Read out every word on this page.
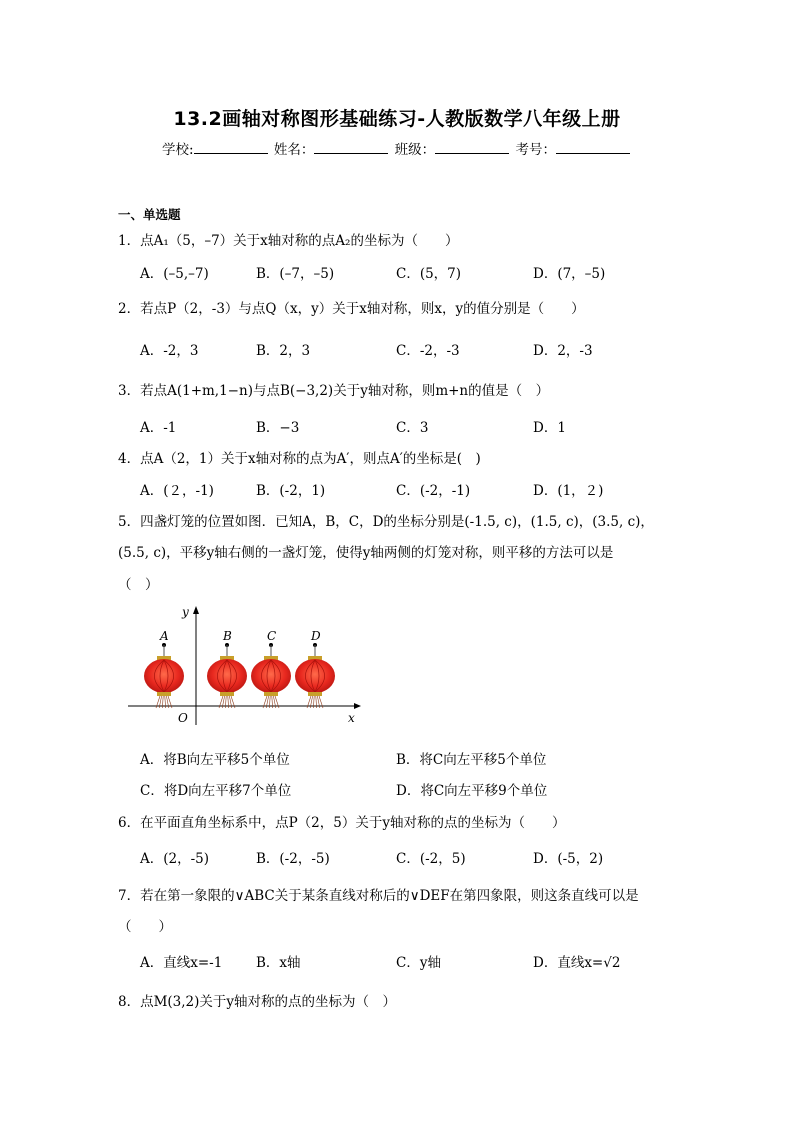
13.2画轴对称图形基础练习-人教版数学八年级上册
学校:	姓名：	班级：	考号：
一、单选题
1．点A₁（5，–7）关于x轴对称的点A₂的坐标为（　　）
A．(–5,–7)	B．(–7，–5)	C．(5，7)	D．(7，–5)
2．若点P（2，-3）与点Q（x，y）关于x轴对称，则x，y的值分别是（　　）
A．-2，3	B．2，3	C．-2，-3	D．2，-3
3．若点A(1+m,1−n)与点B(−3,2)关于y轴对称，则m+n的值是（　）
A．-1	B．−3	C．3	D．1
4．点A（2，1）关于x轴对称的点为A′，则点A′的坐标是(　)
A．(２，-1)	B．(-2，1)	C．(-2，-1)	D．(1，２)
5．四盏灯笼的位置如图．已知A，B，C，D的坐标分别是(-1.5, c)，(1.5, c)，(3.5, c)，
(5.5, c)，平移y轴右侧的一盏灯笼，使得y轴两侧的灯笼对称，则平移的方法可以是
（　）
x
y
O
A	B	C	D
A．将B向左平移5个单位	B．将C向左平移5个单位
C．将D向左平移7个单位	D．将C向左平移9个单位
6．在平面直角坐标系中，点P（2，5）关于y轴对称的点的坐标为（　　）
A．(2，-5)	B．(-2，-5)	C．(-2，5)	D．(-5，2)
7．若在第一象限的∨ABC关于某条直线对称后的∨DEF在第四象限，则这条直线可以是
（　　）
A．直线x=-1 B．x轴	C．y轴	D．直线x=√2
8．点M(3,2)关于y轴对称的点的坐标为（　）
